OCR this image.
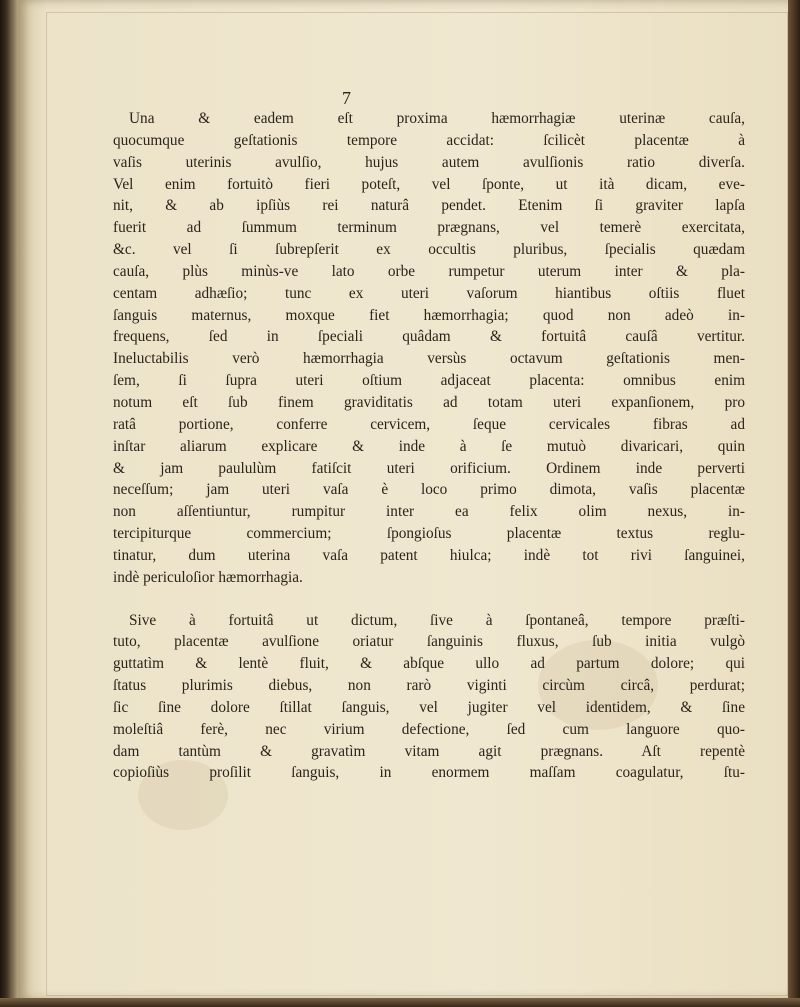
7

Una & eadem eſt proxima hæmorrhagiæ uterinæ cauſa,
quocumque geſtationis tempore accidat: ſcilicèt placentæ à
vaſis uterinis avulſio, hujus autem avulſionis ratio diverſa.
Vel enim fortuitò fieri poteſt, vel ſponte, ut ità dicam, eve-
nit, & ab ipſiùs rei naturâ pendet. Etenim ſi graviter lapſa
fuerit ad ſummum terminum prægnans, vel temerè exercitata,
&c. vel ſi ſubrepſerit ex occultis pluribus, ſpecialis quædam
cauſa, plùs minùs-ve lato orbe rumpetur uterum inter & pla-
centam adhæſio; tunc ex uteri vaſorum hiantibus oſtiis fluet
ſanguis maternus, moxque fiet hæmorrhagia; quod non adeò in-
frequens, ſed in ſpeciali quâdam & fortuitâ cauſâ vertitur.
Ineluctabilis verò hæmorrhagia versùs octavum geſtationis men-
ſem, ſi ſupra uteri oſtium adjaceat placenta: omnibus enim
notum eſt ſub finem graviditatis ad totam uteri expanſionem, pro
ratâ portione, conferre cervicem, ſeque cervicales fibras ad
inſtar aliarum explicare & inde à ſe mutuò divaricari, quin
& jam paululùm fatiſcit uteri orificium. Ordinem inde perverti
neceſſum; jam uteri vaſa è loco primo dimota, vaſis placentæ
non aſſentiuntur, rumpitur inter ea felix olim nexus, in-
tercipiturque commercium; ſpongioſus placentæ textus reglu-
tinatur, dum uterina vaſa patent hiulca; indè tot rivi ſanguinei,
indè periculoſior hæmorrhagia.

Sive à fortuitâ ut dictum, ſive à ſpontaneâ, tempore præſti-
tuto, placentæ avulſione oriatur ſanguinis fluxus, ſub initia vulgò
guttatìm & lentè fluit, & abſque ullo ad partum dolore; qui
ſtatus plurimis diebus, non rarò viginti circùm circâ, perdurat;
ſic ſine dolore ſtillat ſanguis, vel jugiter vel identidem, & ſine
moleſtiâ ferè, nec virium defectione, ſed cum languore quo-
dam tantùm & gravatìm vitam agit prægnans. Aſt repentè
copioſiùs proſilit ſanguis, in enormem maſſam coagulatur, ſtu-
